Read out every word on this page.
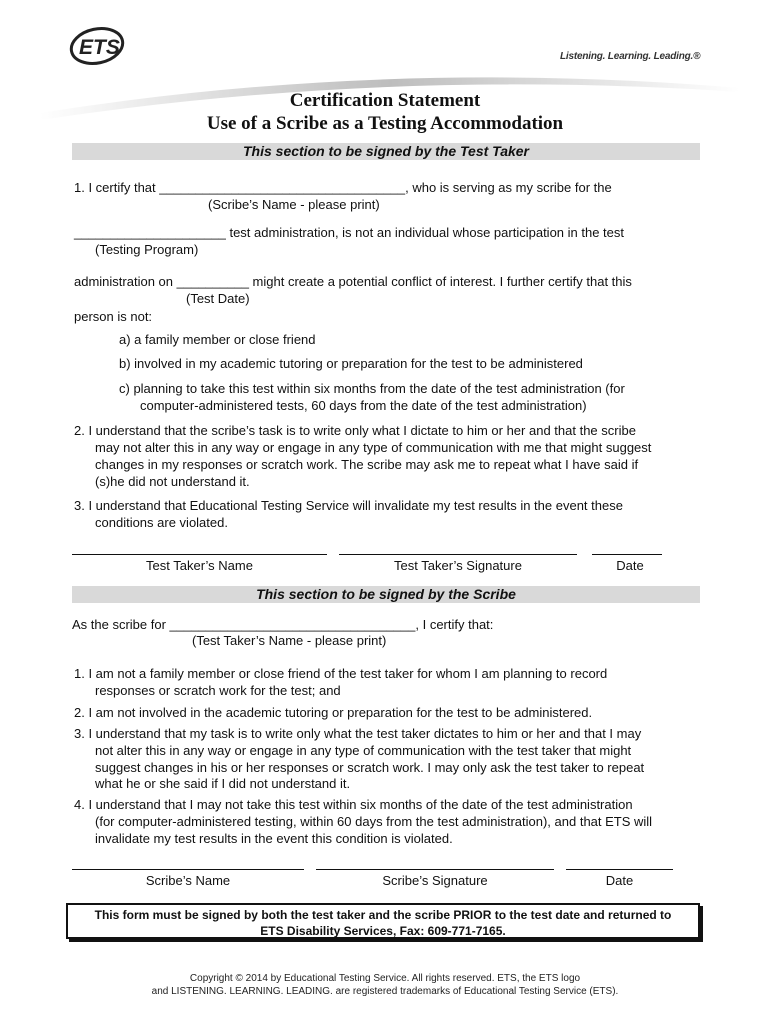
ETS	Listening. Learning. Leading.®
Certification Statement
Use of a Scribe as a Testing Accommodation
This section to be signed by the Test Taker
1. I certify that __________________________________, who is serving as my scribe for the
(Scribe’s Name - please print)
_____________________ test administration, is not an individual whose participation in the test
(Testing Program)
administration on __________ might create a potential conflict of interest. I further certify that this
(Test Date)
person is not:
a) a family member or close friend
b) involved in my academic tutoring or preparation for the test to be administered
c) planning to take this test within six months from the date of the test administration (for
computer-administered tests, 60 days from the date of the test administration)
2. I understand that the scribe’s task is to write only what I dictate to him or her and that the scribe
may not alter this in any way or engage in any type of communication with me that might suggest
changes in my responses or scratch work. The scribe may ask me to repeat what I have said if
(s)he did not understand it.
3. I understand that Educational Testing Service will invalidate my test results in the event these
conditions are violated.
Test Taker’s Name	Test Taker’s Signature	Date
This section to be signed by the Scribe
As the scribe for __________________________________, I certify that:
(Test Taker’s Name - please print)
1. I am not a family member or close friend of the test taker for whom I am planning to record
responses or scratch work for the test; and
2. I am not involved in the academic tutoring or preparation for the test to be administered.
3. I understand that my task is to write only what the test taker dictates to him or her and that I may
not alter this in any way or engage in any type of communication with the test taker that might
suggest changes in his or her responses or scratch work. I may only ask the test taker to repeat
what he or she said if I did not understand it.
4. I understand that I may not take this test within six months of the date of the test administration
(for computer-administered testing, within 60 days from the test administration), and that ETS will
invalidate my test results in the event this condition is violated.
Scribe’s Name	Scribe’s Signature	Date
This form must be signed by both the test taker and the scribe PRIOR to the test date and returned to
ETS Disability Services, Fax: 609-771-7165.
Copyright © 2014 by Educational Testing Service. All rights reserved. ETS, the ETS logo
and LISTENING. LEARNING. LEADING. are registered trademarks of Educational Testing Service (ETS).
